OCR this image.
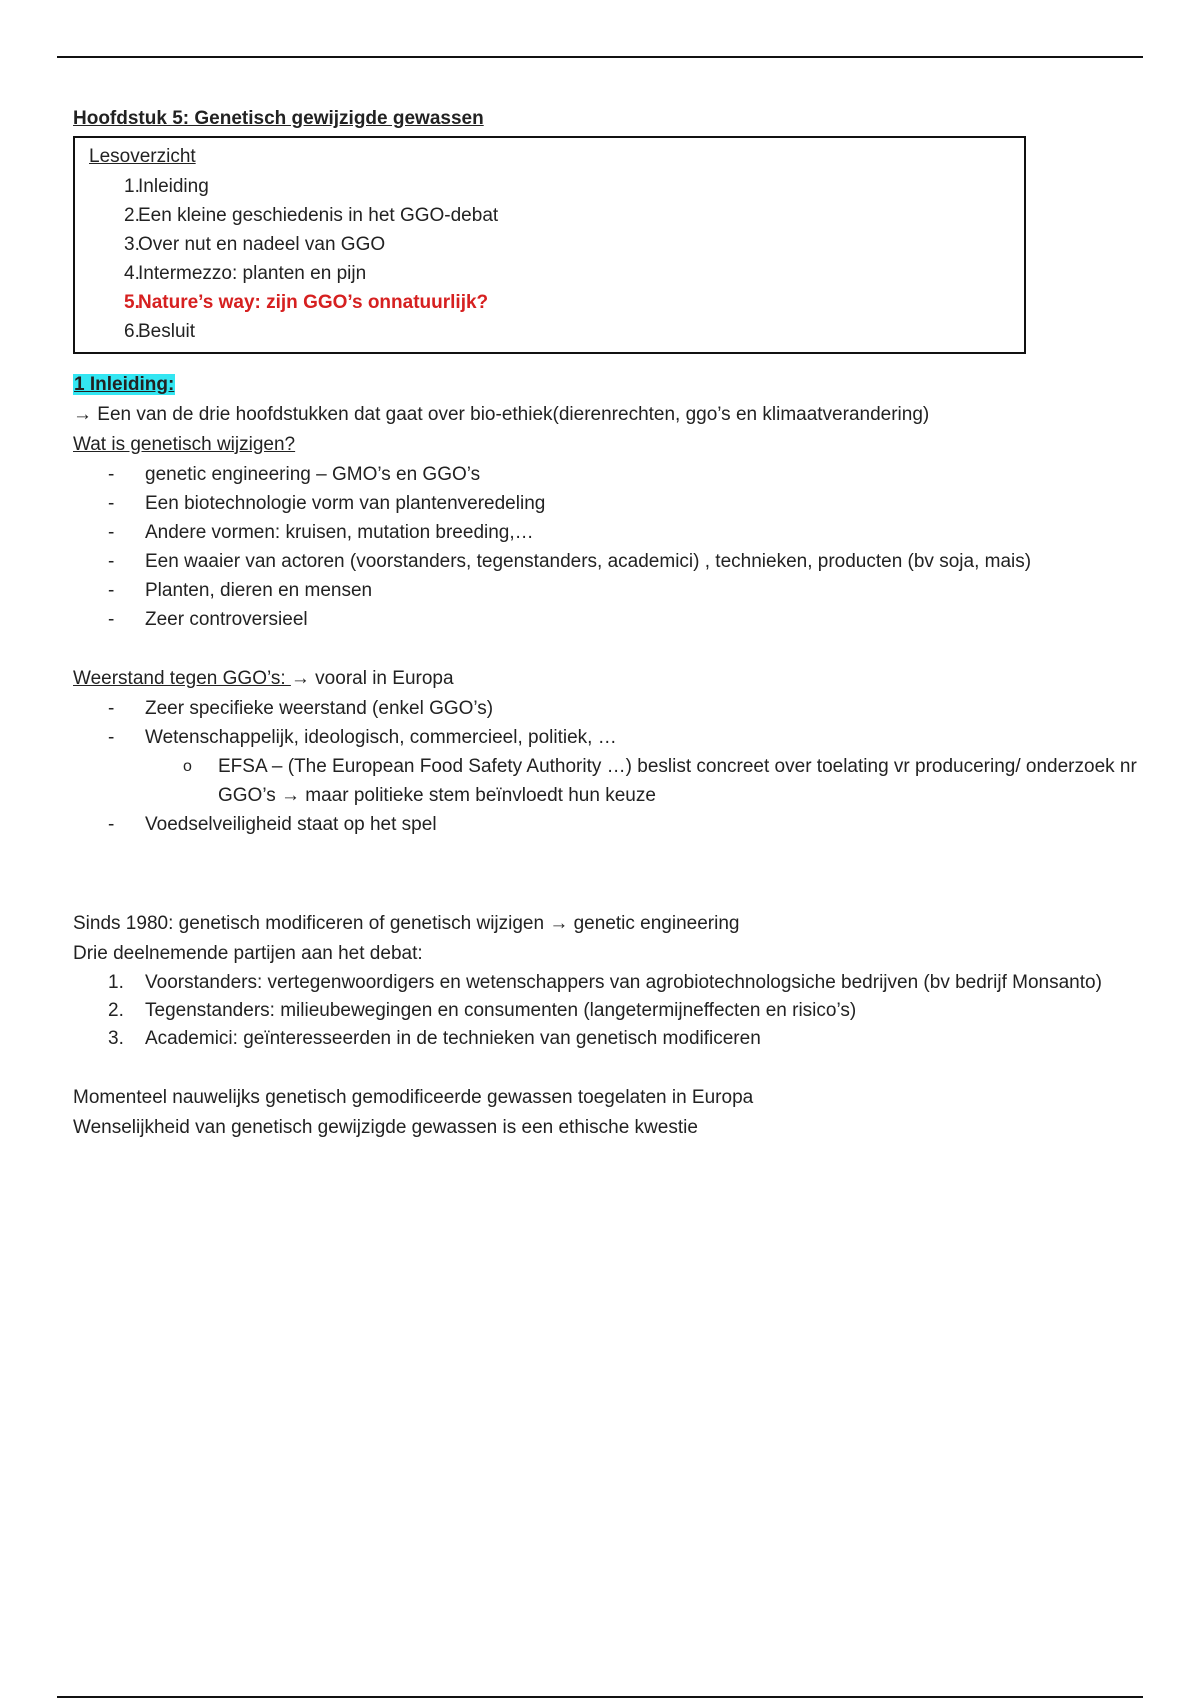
Hoofdstuk 5: Genetisch gewijzigde gewassen
Lesoverzicht
1.
Inleiding
2.
Een kleine geschiedenis in het GGO-debat
3.
Over nut en nadeel van GGO
4.
Intermezzo: planten en pijn
5.
Nature’s way: zijn GGO’s onnatuurlijk?
6.
Besluit
1 Inleiding:
→ Een van de drie hoofdstukken dat gaat over bio-ethiek(dierenrechten, ggo’s en klimaatverandering)
Wat is genetisch wijzigen?
- genetic engineering – GMO’s en GGO’s
- Een biotechnologie vorm van plantenveredeling
- Andere vormen: kruisen, mutation breeding,…
- Een waaier van actoren (voorstanders, tegenstanders, academici) , technieken, producten (bv soja, mais)
- Planten, dieren en mensen
- Zeer controversieel
Weerstand tegen GGO’s: → vooral in Europa
- Zeer specifieke weerstand (enkel GGO’s)
- Wetenschappelijk, ideologisch, commercieel, politiek, …
o EFSA – (The European Food Safety Authority …) beslist concreet over toelating vr producering/ onderzoek nr GGO’s → maar politieke stem beïnvloedt hun keuze
- Voedselveiligheid staat op het spel
Sinds 1980: genetisch modificeren of genetisch wijzigen → genetic engineering
Drie deelnemende partijen aan het debat:
1. Voorstanders: vertegenwoordigers en wetenschappers van agrobiotechnologsiche bedrijven (bv bedrijf Monsanto)
2. Tegenstanders: milieubewegingen en consumenten (langetermijneffecten en risico’s)
3. Academici: geïnteresseerden in de technieken van genetisch modificeren
Momenteel nauwelijks genetisch gemodificeerde gewassen toegelaten in Europa
Wenselijkheid van genetisch gewijzigde gewassen is een ethische kwestie
